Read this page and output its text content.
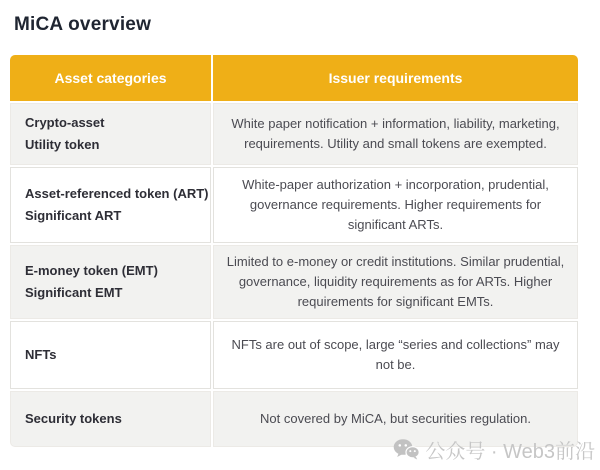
MiCA overview
Asset categories	Issuer requirements

Crypto-asset
Utility token	White paper notification + information, liability, marketing, requirements. Utility and small tokens are exempted.

Asset-referenced token (ART)
Significant ART	White-paper authorization + incorporation, prudential, governance requirements. Higher requirements for significant ARTs.

E-money token (EMT)
Significant EMT	Limited to e-money or credit institutions. Similar prudential, governance, liquidity requirements as for ARTs. Higher requirements for significant EMTs.

NFTs	NFTs are out of scope, large “series and collections” may not be.

Security tokens	Not covered by MiCA, but securities regulation.
公众号 · Web3前沿
